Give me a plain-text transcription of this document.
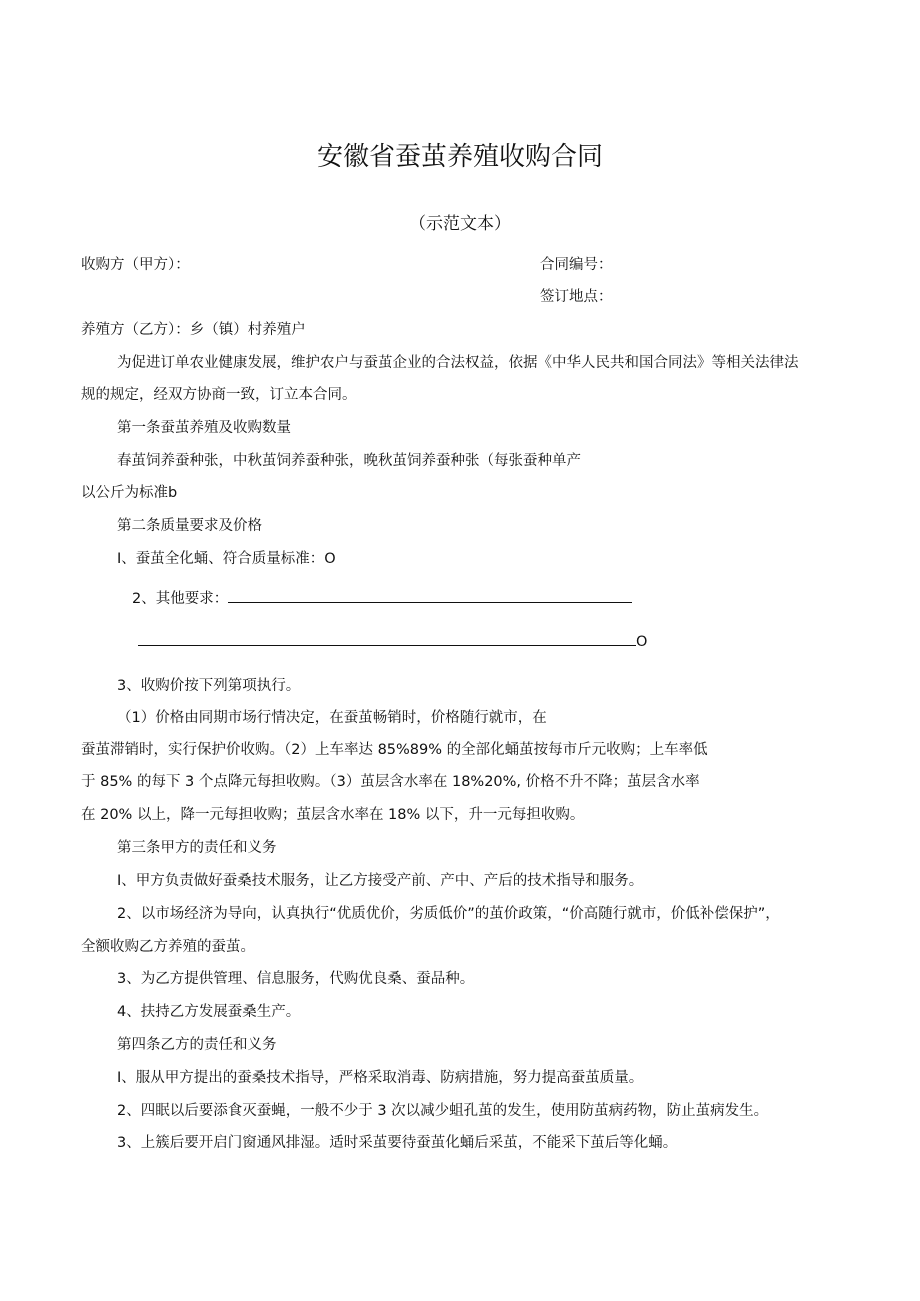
安徽省蚕茧养殖收购合同
（示范文本）
收购方（甲方）：	合同编号：
签订地点：
养殖方（乙方）：乡（镇）村养殖户
为促进订单农业健康发展，维护农户与蚕茧企业的合法权益，依据《中华人民共和国合同法》等相关法律法
规的规定，经双方协商一致，订立本合同。
第一条蚕茧养殖及收购数量
春茧饲养蚕种张，中秋茧饲养蚕种张，晚秋茧饲养蚕种张（每张蚕种单产
以公斤为标准b
第二条质量要求及价格
I、蚕茧全化蛹、符合质量标准：O
2、其他要求：
O
3、收购价按下列第项执行。
（1）价格由同期市场行情决定，在蚕茧畅销时，价格随行就市，在
蚕茧滞销时，实行保护价收购。（2）上车率达 85%89% 的全部化蛹茧按每市斤元收购；上车率低
于 85% 的每下 3 个点降元每担收购。（3）茧层含水率在 18%20%, 价格不升不降；茧层含水率
在 20% 以上，降一元每担收购；茧层含水率在 18% 以下，升一元每担收购。
第三条甲方的责任和义务
I、甲方负责做好蚕桑技术服务，让乙方接受产前、产中、产后的技术指导和服务。
2、以市场经济为导向，认真执行“优质优价，劣质低价”的茧价政策，“价高随行就市，价低补偿保护”，
全额收购乙方养殖的蚕茧。
3、为乙方提供管理、信息服务，代购优良桑、蚕品种。
4、扶持乙方发展蚕桑生产。
第四条乙方的责任和义务
I、服从甲方提出的蚕桑技术指导，严格采取消毒、防病措施，努力提高蚕茧质量。
2、四眠以后要添食灭蚕蝇，一般不少于 3 次以减少蛆孔茧的发生，使用防茧病药物，防止茧病发生。
3、上簇后要开启门窗通风排湿。适时采茧要待蚕茧化蛹后采茧，不能采下茧后等化蛹。
